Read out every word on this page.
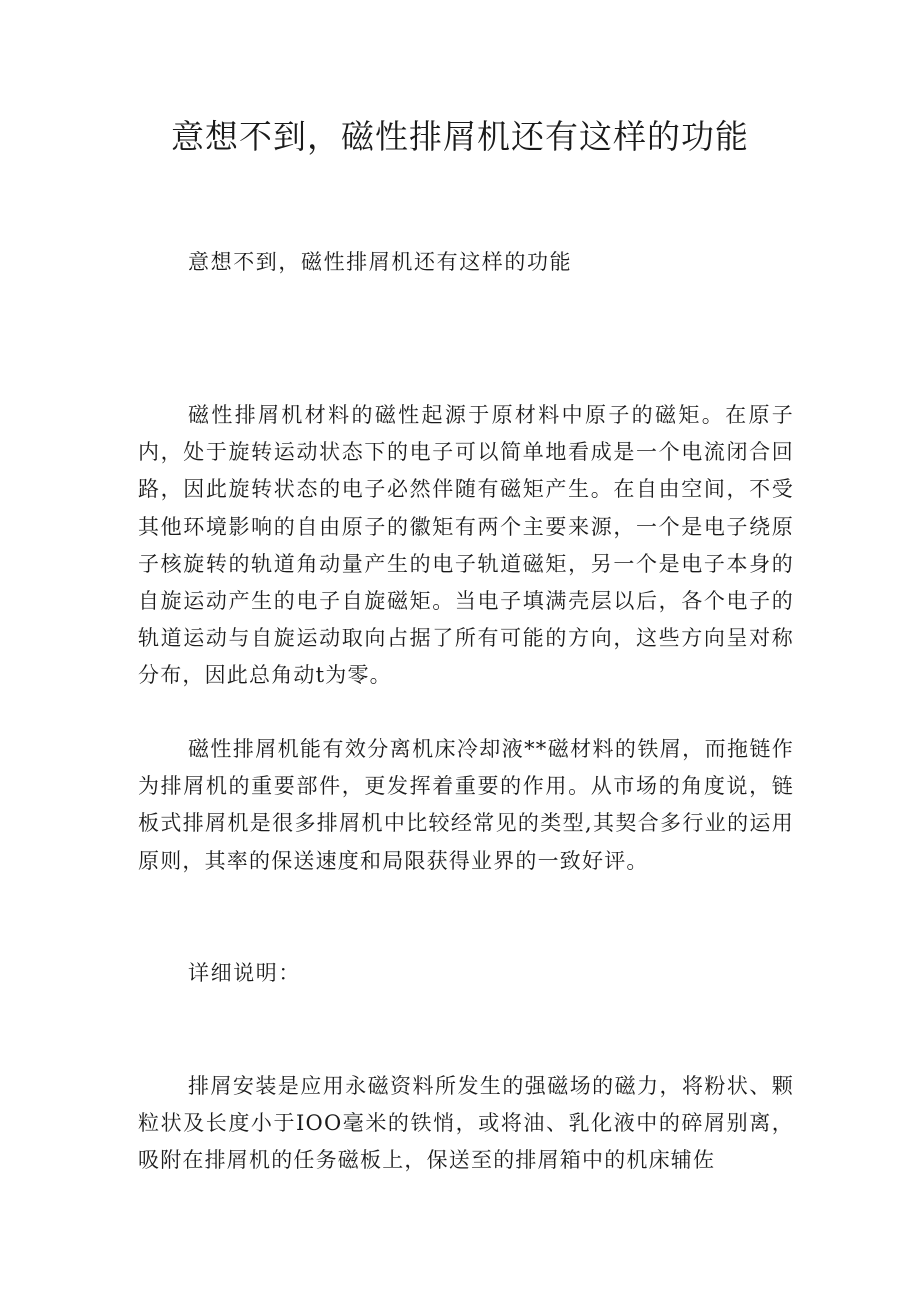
意想不到，磁性排屑机还有这样的功能

意想不到，磁性排屑机还有这样的功能

磁性排屑机材料的磁性起源于原材料中原子的磁矩。在原子内，处于旋转运动状态下的电子可以简单地看成是一个电流闭合回路，因此旋转状态的电子必然伴随有磁矩产生。在自由空间，不受其他环境影响的自由原子的徽矩有两个主要来源，一个是电子绕原子核旋转的轨道角动量产生的电子轨道磁矩，另一个是电子本身的自旋运动产生的电子自旋磁矩。当电子填满壳层以后，各个电子的轨道运动与自旋运动取向占据了所有可能的方向，这些方向呈对称分布，因此总角动t为零。

磁性排屑机能有效分离机床冷却液**磁材料的铁屑，而拖链作为排屑机的重要部件，更发挥着重要的作用。从市场的角度说，链板式排屑机是很多排屑机中比较经常见的类型,其契合多行业的运用原则，其率的保送速度和局限获得业界的一致好评。

详细说明：

排屑安装是应用永磁资料所发生的强磁场的磁力，将粉状、颗粒状及长度小于IOO毫米的铁悄，或将油、乳化液中的碎屑别离，吸附在排屑机的任务磁板上，保送至的排屑箱中的机床辅佐
